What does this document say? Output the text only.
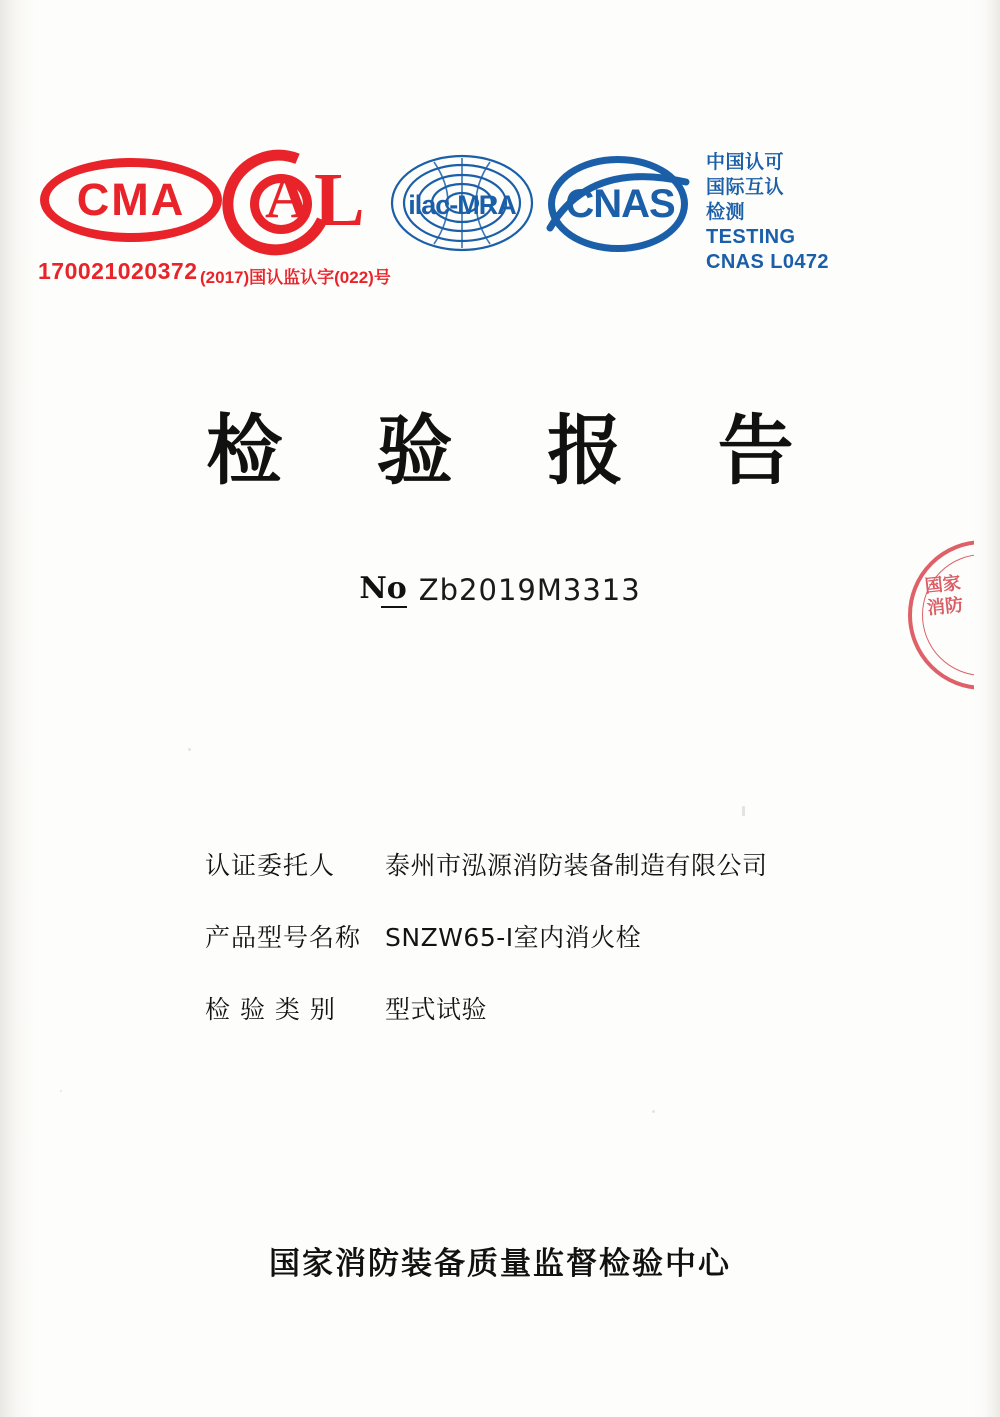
CMA
170021020372 (2017)国认监认字(022)号
A L	ilac-MRA	CNAS
中国认可
国际互认
检测
TESTING
CNAS L0472
检 验 报 告
No Zb2019M3313
认证委托人	泰州市泓源消防装备制造有限公司
产品型号名称 SNZW65-Ⅰ室内消火栓
检 验 类 别	型式试验
国家消防装备质量监督检验中心
国家消防
